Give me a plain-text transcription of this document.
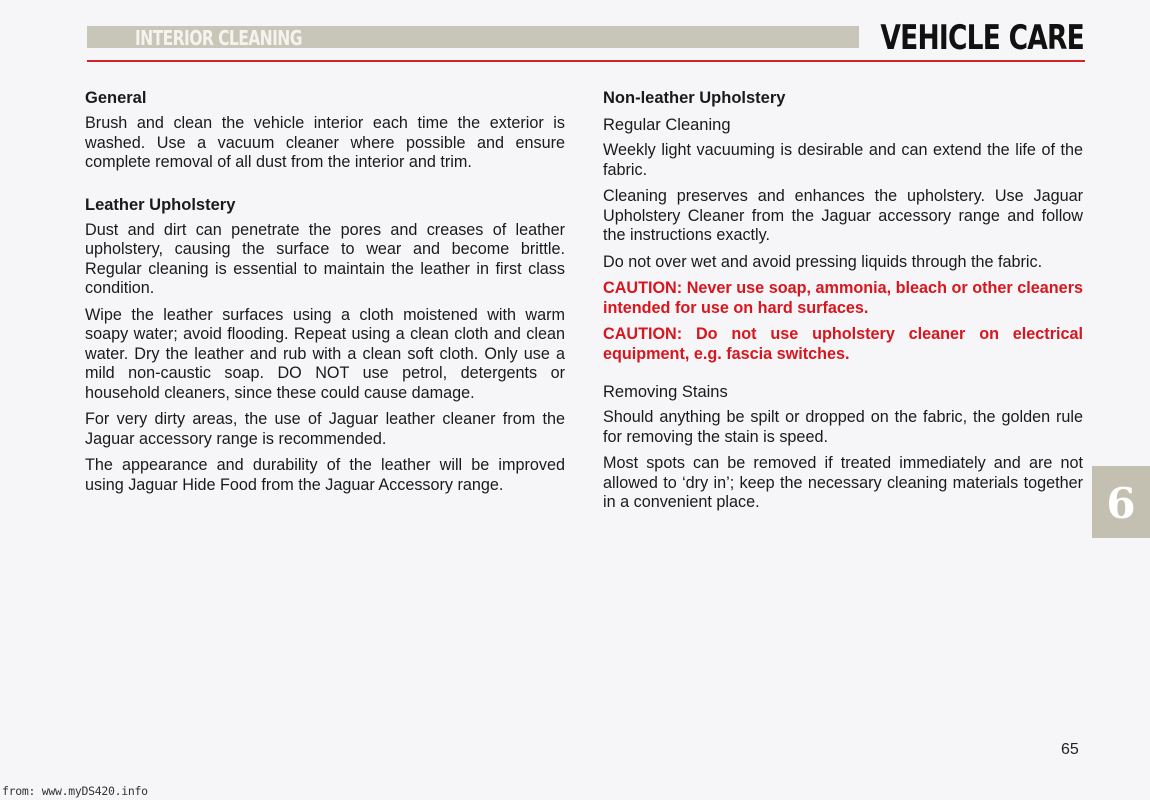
INTERIOR CLEANING	VEHICLE CARE
General

Brush and clean the vehicle interior each time the exterior is washed. Use a vacuum cleaner where possible and ensure complete removal of all dust from the interior and trim.

Leather Upholstery

Dust and dirt can penetrate the pores and creases of leather upholstery, causing the surface to wear and become brittle. Regular cleaning is essential to maintain the leather in first class condition.

Wipe the leather surfaces using a cloth moistened with warm soapy water; avoid flooding. Repeat using a clean cloth and clean water. Dry the leather and rub with a clean soft cloth. Only use a mild non-caustic soap. DO NOT use petrol, detergents or household cleaners, since these could cause damage.

For very dirty areas, the use of Jaguar leather cleaner from the Jaguar accessory range is recommended.

The appearance and durability of the leather will be improved using Jaguar Hide Food from the Jaguar Accessory range.

Non-leather Upholstery
Regular Cleaning

Weekly light vacuuming is desirable and can extend the life of the fabric.

Cleaning preserves and enhances the upholstery. Use Jaguar Upholstery Cleaner from the Jaguar accessory range and follow the instructions exactly.

Do not over wet and avoid pressing liquids through the fabric.

CAUTION: Never use soap, ammonia, bleach or other cleaners intended for use on hard surfaces.

CAUTION: Do not use upholstery cleaner on electrical equipment, e.g. fascia switches.

Removing Stains

Should anything be spilt or dropped on the fabric, the golden rule for removing the stain is speed.

Most spots can be removed if treated immediately and are not allowed to ‘dry in’; keep the necessary cleaning materials together in a convenient place.	6
65
from: www.myDS420.info
